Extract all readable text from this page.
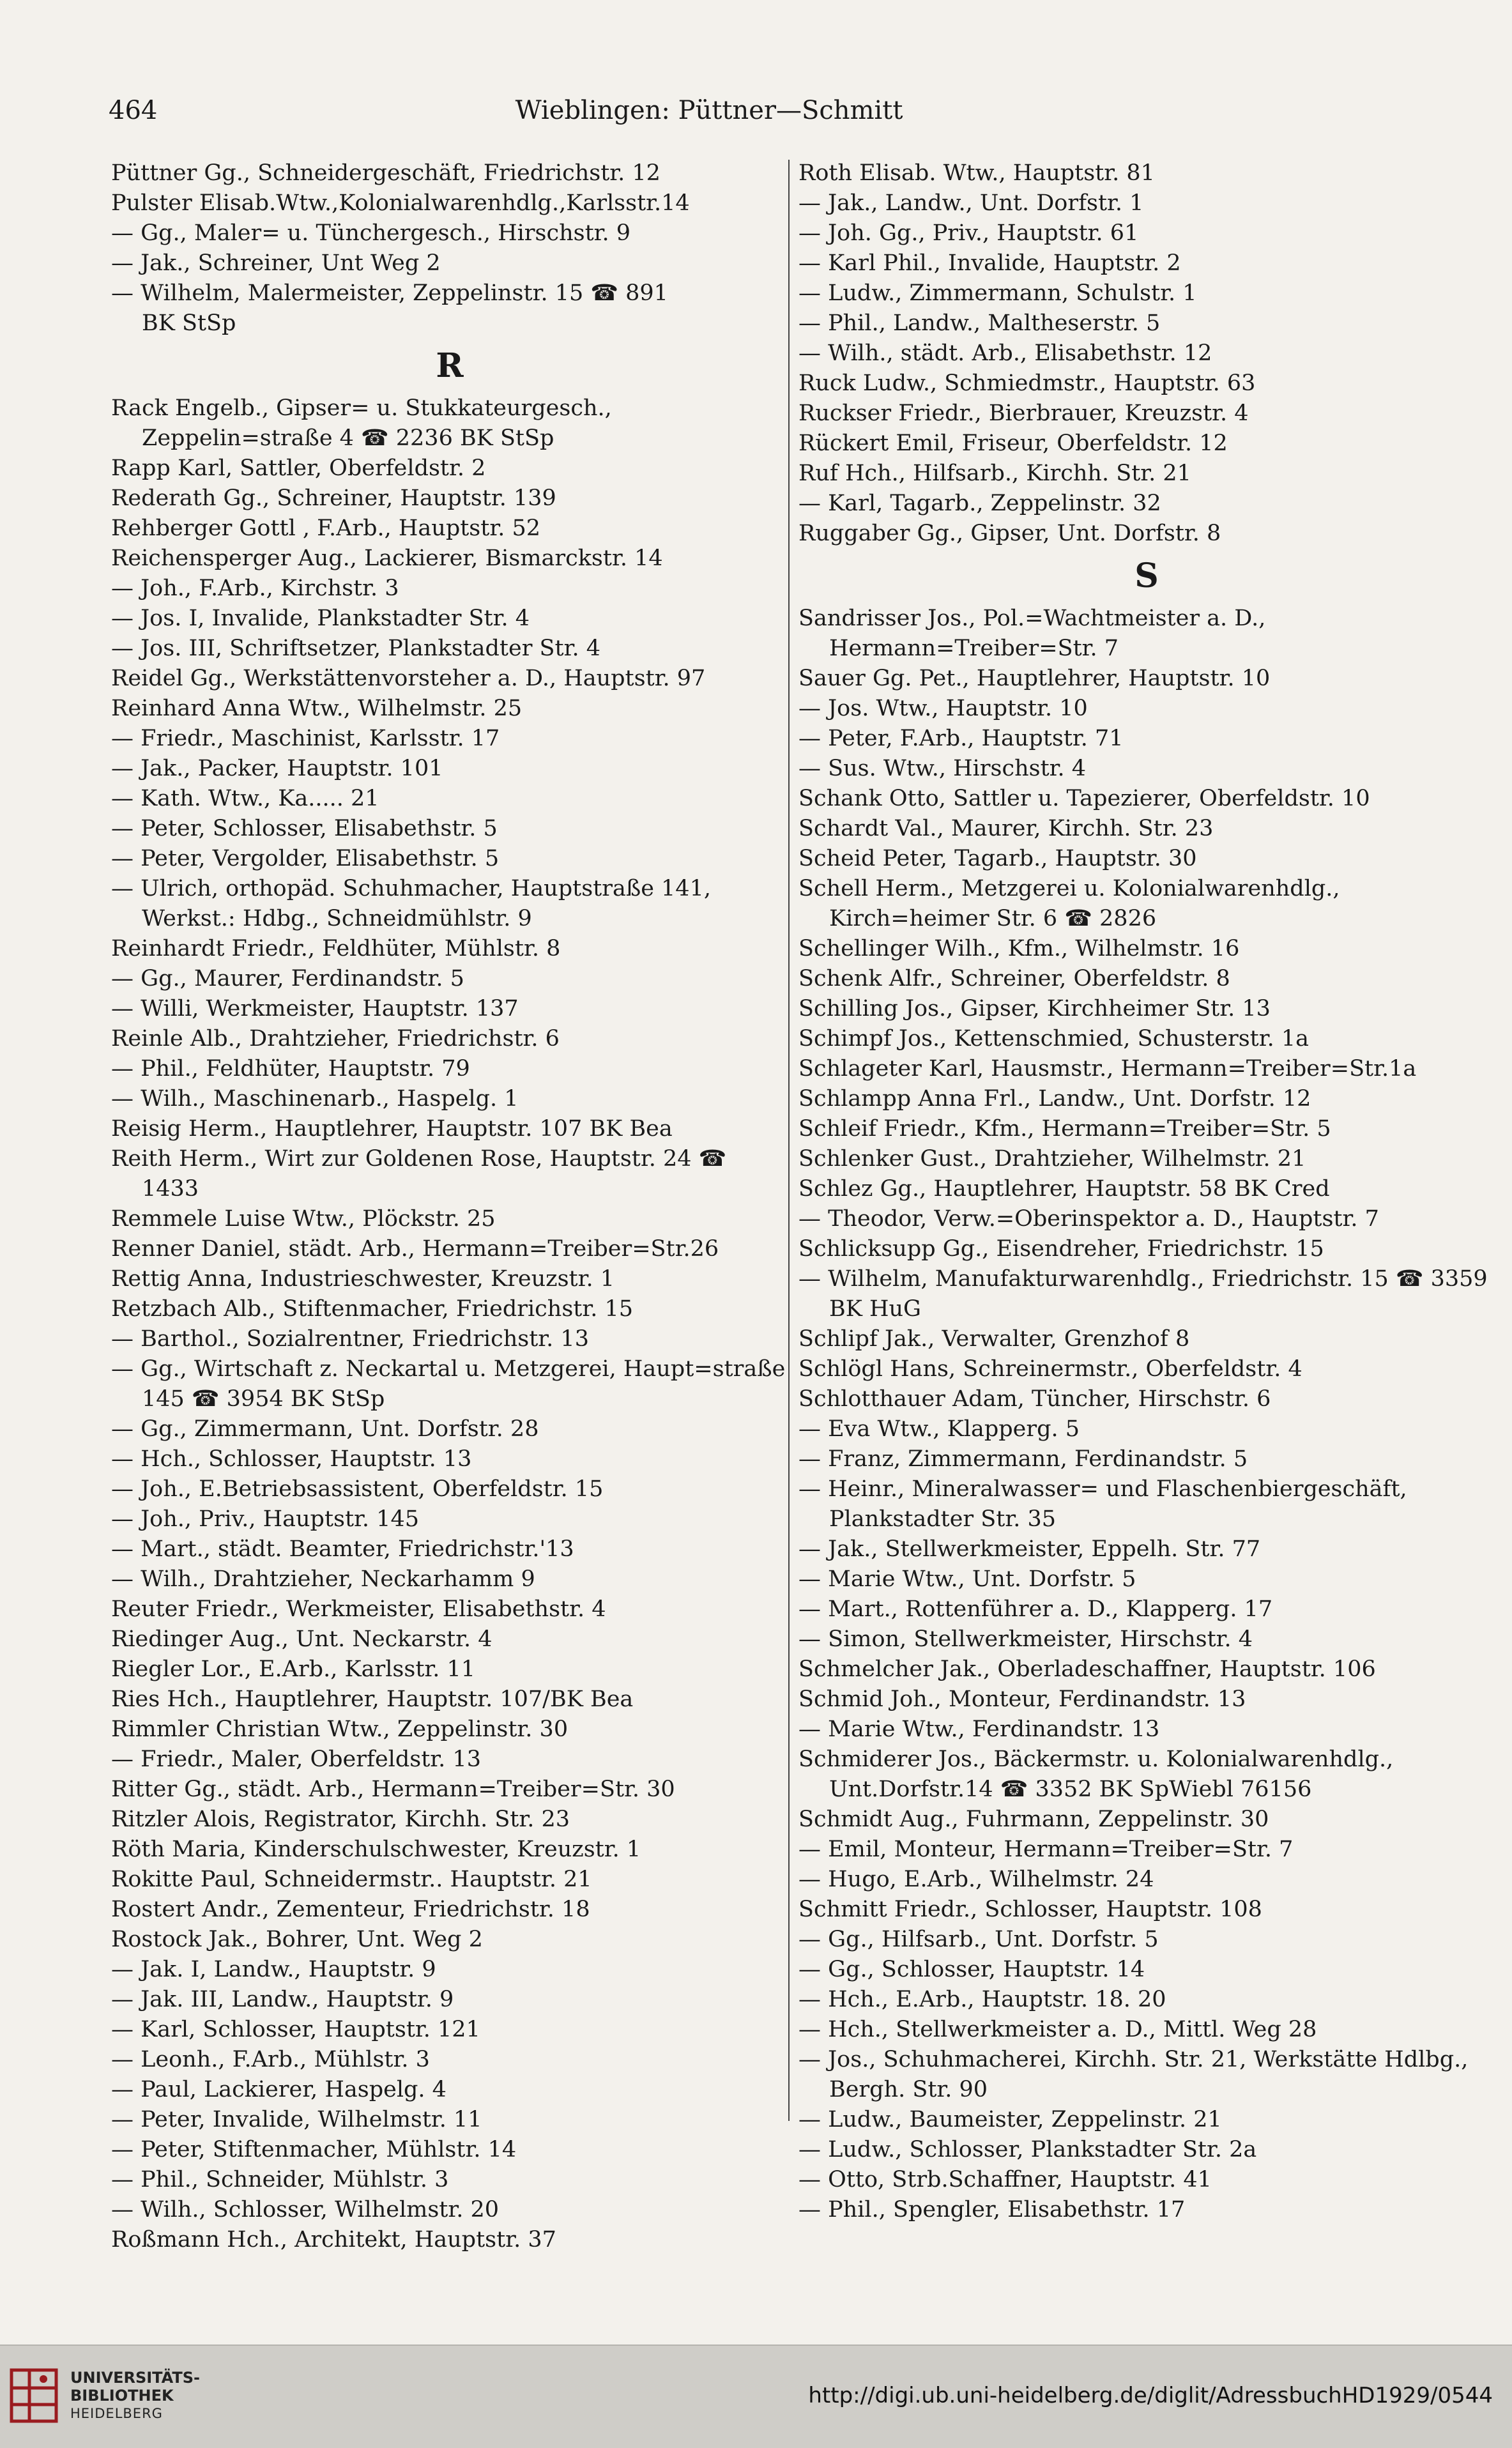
464	Wieblingen: Püttner—Schmitt
Püttner Gg., Schneidergeschäft, Friedrichstr. 12
Pulster Elisab.Wtw.,Kolonialwarenhdlg.,Karlsstr.14
— Gg., Maler= u. Tünchergesch., Hirschstr. 9
— Jak., Schreiner, Unt Weg 2
— Wilhelm, Malermeister, Zeppelinstr. 15 ☎ 891
BK StSp
R
Rack Engelb., Gipser= u. Stukkateurgesch., Zeppelin=straße 4 ☎ 2236 BK StSp
Rapp Karl, Sattler, Oberfeldstr. 2
Rederath Gg., Schreiner, Hauptstr. 139
Rehberger Gottl , F.Arb., Hauptstr. 52
Reichensperger Aug., Lackierer, Bismarckstr. 14
— Joh., F.Arb., Kirchstr. 3
— Jos. I, Invalide, Plankstadter Str. 4
— Jos. III, Schriftsetzer, Plankstadter Str. 4
Reidel Gg., Werkstättenvorsteher a. D., Hauptstr. 97
Reinhard Anna Wtw., Wilhelmstr. 25
— Friedr., Maschinist, Karlsstr. 17
— Jak., Packer, Hauptstr. 101
— Kath. Wtw., Ka..... 21
— Peter, Schlosser, Elisabethstr. 5
— Peter, Vergolder, Elisabethstr. 5
— Ulrich, orthopäd. Schuhmacher, Hauptstraße 141, Werkst.: Hdbg., Schneidmühlstr. 9
Reinhardt Friedr., Feldhüter, Mühlstr. 8
— Gg., Maurer, Ferdinandstr. 5
— Willi, Werkmeister, Hauptstr. 137
Reinle Alb., Drahtzieher, Friedrichstr. 6
— Phil., Feldhüter, Hauptstr. 79
— Wilh., Maschinenarb., Haspelg. 1
Reisig Herm., Hauptlehrer, Hauptstr. 107 BK Bea
Reith Herm., Wirt zur Goldenen Rose, Hauptstr. 24 ☎ 1433
Remmele Luise Wtw., Plöckstr. 25
Renner Daniel, städt. Arb., Hermann=Treiber=Str.26
Rettig Anna, Industrieschwester, Kreuzstr. 1
Retzbach Alb., Stiftenmacher, Friedrichstr. 15
— Barthol., Sozialrentner, Friedrichstr. 13
— Gg., Wirtschaft z. Neckartal u. Metzgerei, Haupt=straße 145 ☎ 3954 BK StSp
— Gg., Zimmermann, Unt. Dorfstr. 28
— Hch., Schlosser, Hauptstr. 13
— Joh., E.Betriebsassistent, Oberfeldstr. 15
— Joh., Priv., Hauptstr. 145
— Mart., städt. Beamter, Friedrichstr.'13
— Wilh., Drahtzieher, Neckarhamm 9
Reuter Friedr., Werkmeister, Elisabethstr. 4
Riedinger Aug., Unt. Neckarstr. 4
Riegler Lor., E.Arb., Karlsstr. 11
Ries Hch., Hauptlehrer, Hauptstr. 107/BK Bea
Rimmler Christian Wtw., Zeppelinstr. 30
— Friedr., Maler, Oberfeldstr. 13
Ritter Gg., städt. Arb., Hermann=Treiber=Str. 30
Ritzler Alois, Registrator, Kirchh. Str. 23
Röth Maria, Kinderschulschwester, Kreuzstr. 1
Rokitte Paul, Schneidermstr.. Hauptstr. 21
Rostert Andr., Zementeur, Friedrichstr. 18
Rostock Jak., Bohrer, Unt. Weg 2
— Jak. I, Landw., Hauptstr. 9
— Jak. III, Landw., Hauptstr. 9
— Karl, Schlosser, Hauptstr. 121
— Leonh., F.Arb., Mühlstr. 3
— Paul, Lackierer, Haspelg. 4
— Peter, Invalide, Wilhelmstr. 11
— Peter, Stiftenmacher, Mühlstr. 14
— Phil., Schneider, Mühlstr. 3
— Wilh., Schlosser, Wilhelmstr. 20
Roßmann Hch., Architekt, Hauptstr. 37
Roth Elisab. Wtw., Hauptstr. 81
— Jak., Landw., Unt. Dorfstr. 1
— Joh. Gg., Priv., Hauptstr. 61
— Karl Phil., Invalide, Hauptstr. 2
— Ludw., Zimmermann, Schulstr. 1
— Phil., Landw., Maltheserstr. 5
— Wilh., städt. Arb., Elisabethstr. 12
Ruck Ludw., Schmiedmstr., Hauptstr. 63
Ruckser Friedr., Bierbrauer, Kreuzstr. 4
Rückert Emil, Friseur, Oberfeldstr. 12
Ruf Hch., Hilfsarb., Kirchh. Str. 21
— Karl, Tagarb., Zeppelinstr. 32
Ruggaber Gg., Gipser, Unt. Dorfstr. 8
S
Sandrisser Jos., Pol.=Wachtmeister a. D., Hermann=Treiber=Str. 7
Sauer Gg. Pet., Hauptlehrer, Hauptstr. 10
— Jos. Wtw., Hauptstr. 10
— Peter, F.Arb., Hauptstr. 71
— Sus. Wtw., Hirschstr. 4
Schank Otto, Sattler u. Tapezierer, Oberfeldstr. 10
Schardt Val., Maurer, Kirchh. Str. 23
Scheid Peter, Tagarb., Hauptstr. 30
Schell Herm., Metzgerei u. Kolonialwarenhdlg., Kirch=heimer Str. 6 ☎ 2826
Schellinger Wilh., Kfm., Wilhelmstr. 16
Schenk Alfr., Schreiner, Oberfeldstr. 8
Schilling Jos., Gipser, Kirchheimer Str. 13
Schimpf Jos., Kettenschmied, Schusterstr. 1a
Schlageter Karl, Hausmstr., Hermann=Treiber=Str.1a
Schlampp Anna Frl., Landw., Unt. Dorfstr. 12
Schleif Friedr., Kfm., Hermann=Treiber=Str. 5
Schlenker Gust., Drahtzieher, Wilhelmstr. 21
Schlez Gg., Hauptlehrer, Hauptstr. 58 BK Cred
— Theodor, Verw.=Oberinspektor a. D., Hauptstr. 7
Schlicksupp Gg., Eisendreher, Friedrichstr. 15
— Wilhelm, Manufakturwarenhdlg., Friedrichstr. 15 ☎ 3359 BK HuG
Schlipf Jak., Verwalter, Grenzhof 8
Schlögl Hans, Schreinermstr., Oberfeldstr. 4
Schlotthauer Adam, Tüncher, Hirschstr. 6
— Eva Wtw., Klapperg. 5
— Franz, Zimmermann, Ferdinandstr. 5
— Heinr., Mineralwasser= und Flaschenbiergeschäft, Plankstadter Str. 35
— Jak., Stellwerkmeister, Eppelh. Str. 77
— Marie Wtw., Unt. Dorfstr. 5
— Mart., Rottenführer a. D., Klapperg. 17
— Simon, Stellwerkmeister, Hirschstr. 4
Schmelcher Jak., Oberladeschaffner, Hauptstr. 106
Schmid Joh., Monteur, Ferdinandstr. 13
— Marie Wtw., Ferdinandstr. 13
Schmiderer Jos., Bäckermstr. u. Kolonialwarenhdlg., Unt.Dorfstr.14 ☎ 3352 BK SpWiebl 76156
Schmidt Aug., Fuhrmann, Zeppelinstr. 30
— Emil, Monteur, Hermann=Treiber=Str. 7
— Hugo, E.Arb., Wilhelmstr. 24
Schmitt Friedr., Schlosser, Hauptstr. 108
— Gg., Hilfsarb., Unt. Dorfstr. 5
— Gg., Schlosser, Hauptstr. 14
— Hch., E.Arb., Hauptstr. 18. 20
— Hch., Stellwerkmeister a. D., Mittl. Weg 28
— Jos., Schuhmacherei, Kirchh. Str. 21, Werkstätte Hdlbg., Bergh. Str. 90
— Ludw., Baumeister, Zeppelinstr. 21
— Ludw., Schlosser, Plankstadter Str. 2a
— Otto, Strb.Schaffner, Hauptstr. 41
— Phil., Spengler, Elisabethstr. 17
UNIVERSITÄTS-
BIBLIOTHEK
HEIDELBERG
http://digi.ub.uni-heidelberg.de/diglit/AdressbuchHD1929/0544
